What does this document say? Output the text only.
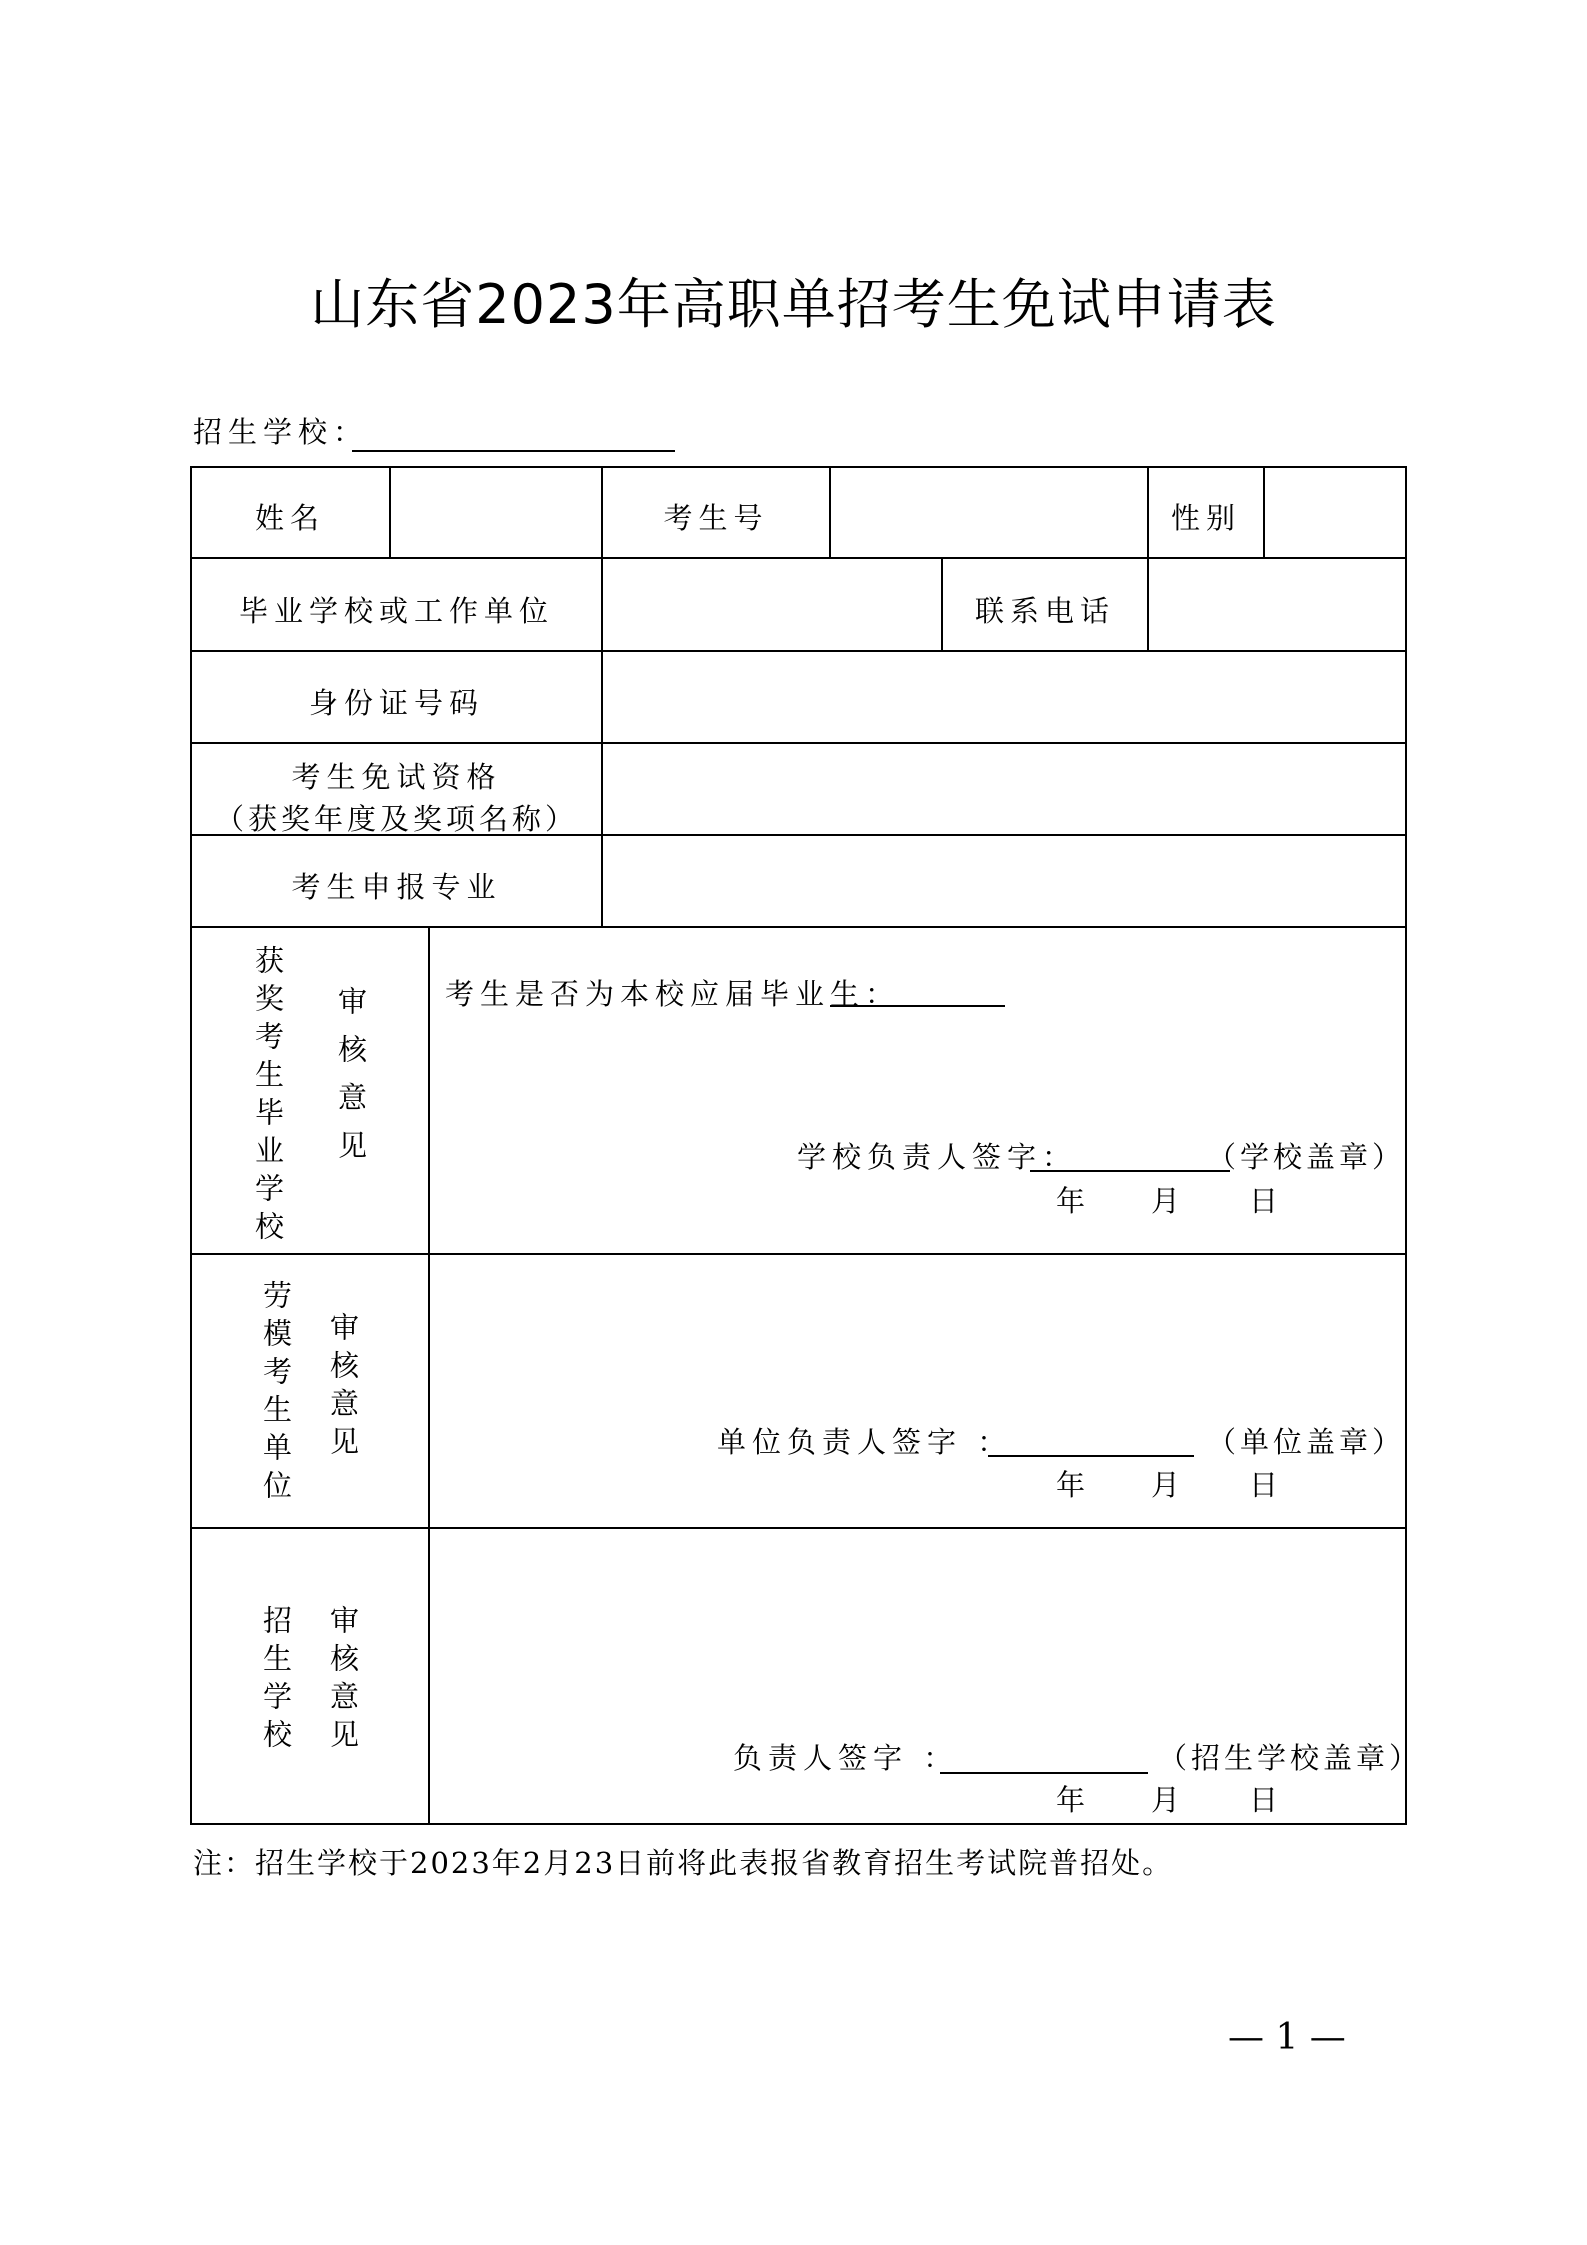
山东省2023年高职单招考生免试申请表
招生学校：
姓名	考生号	性别
毕业学校或工作单位	联系电话
身份证号码
考生免试资格
（获奖年度及奖项名称）
考生申报专业
获奖考生毕业学校 审核意见	考生是否为本校应届毕业生：
学校负责人签字：	（学校盖章）
年 月 日
劳模考生单位 审核意见	单位负责人签字 ：	（单位盖章）
年 月 日
招生学校 审核意见
负责人签字 ：	（招生学校盖章）
年 月 日
注：招生学校于2023年2月23日前将此表报省教育招生考试院普招处。
— 1 —
